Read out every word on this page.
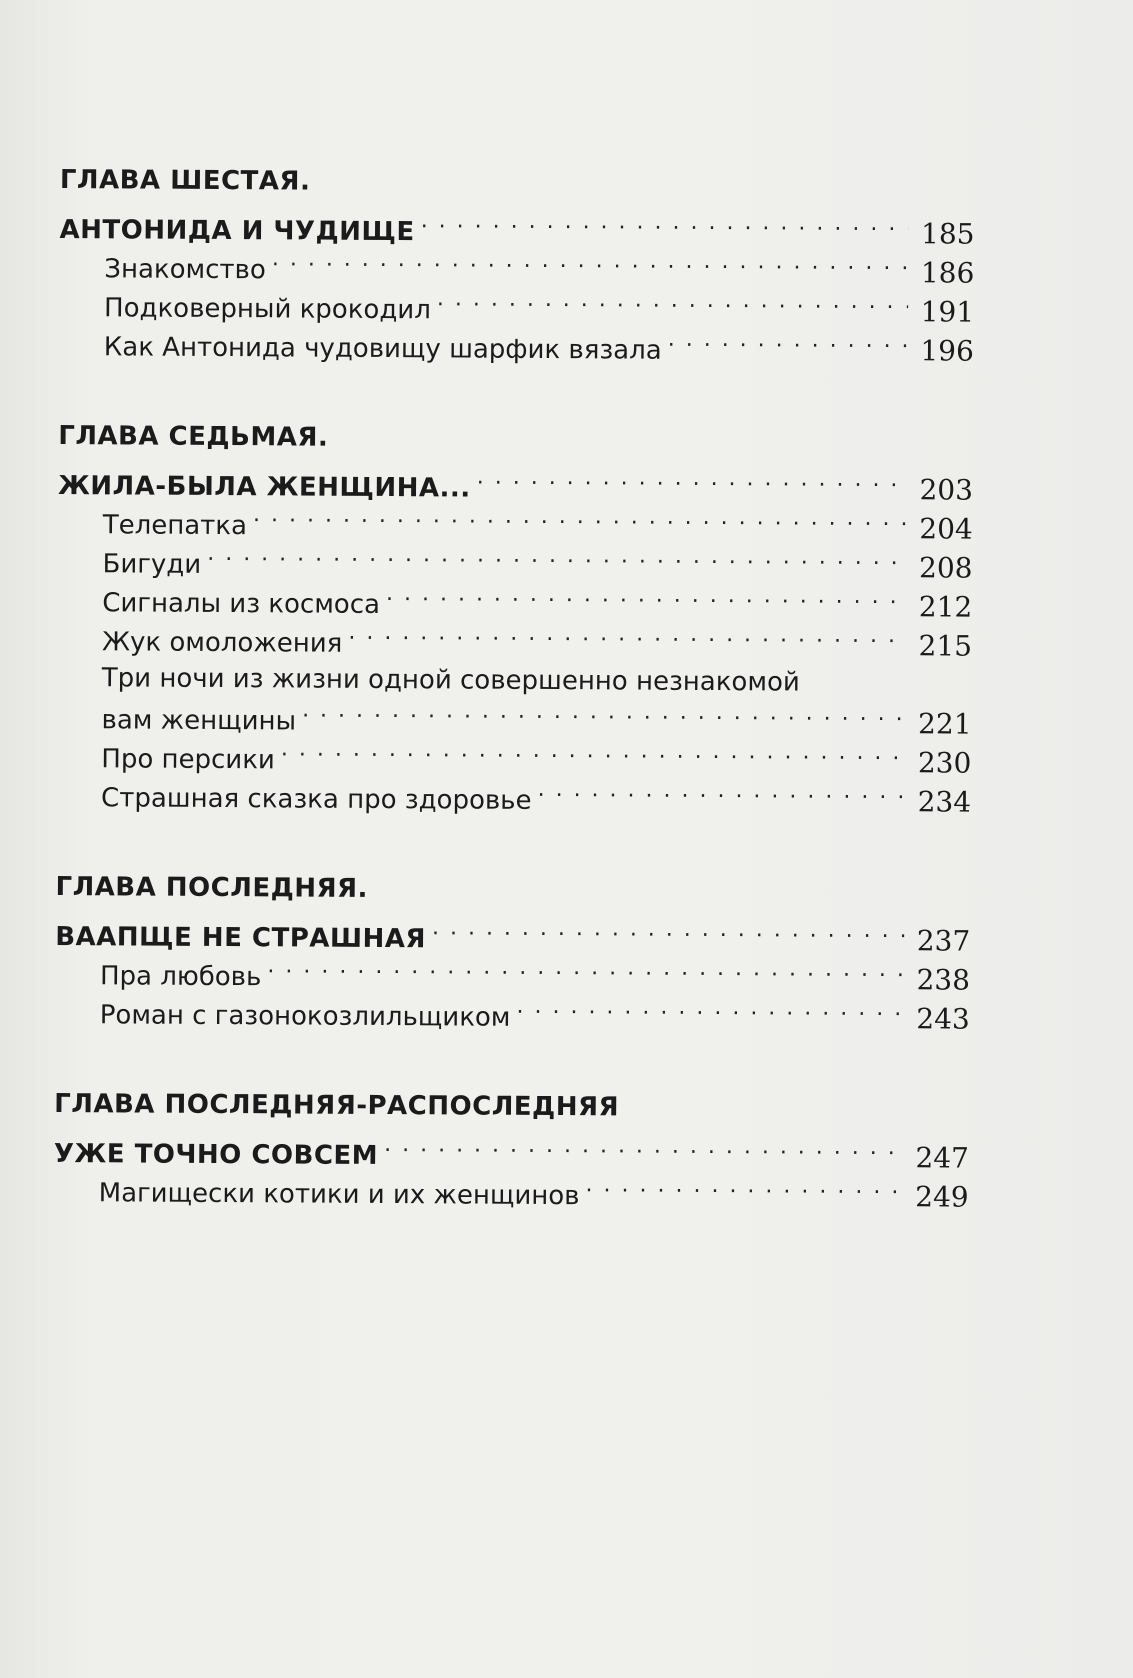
ГЛАВА ШЕСТАЯ.
АНТОНИДА И ЧУДИЩЕ . . .	185
Знакомство . . .	186
Подковерный крокодил . . .	191
Как Антонида чудовищу шарфик вязала . . .	196
ГЛАВА СЕДЬМАЯ.
ЖИЛА-БЫЛА ЖЕНЩИНА... . . .	203
Телепатка . . .	204
Бигуди . . .	208
Сигналы из космоса . . .	212
Жук омоложения . . .	215
Три ночи из жизни одной совершенно незнакомой
вам женщины . . .	221
Про персики . . .	230
Страшная сказка про здоровье . . .	234
ГЛАВА ПОСЛЕДНЯЯ.
ВААПЩЕ НЕ СТРАШНАЯ . . .	237
Пра любовь . . .	238
Роман с газонокозлильщиком . . .	243
ГЛАВА ПОСЛЕДНЯЯ-РАСПОСЛЕДНЯЯ
УЖЕ ТОЧНО СОВСЕМ . . .	247
Магищески котики и их женщинов . . .	249
